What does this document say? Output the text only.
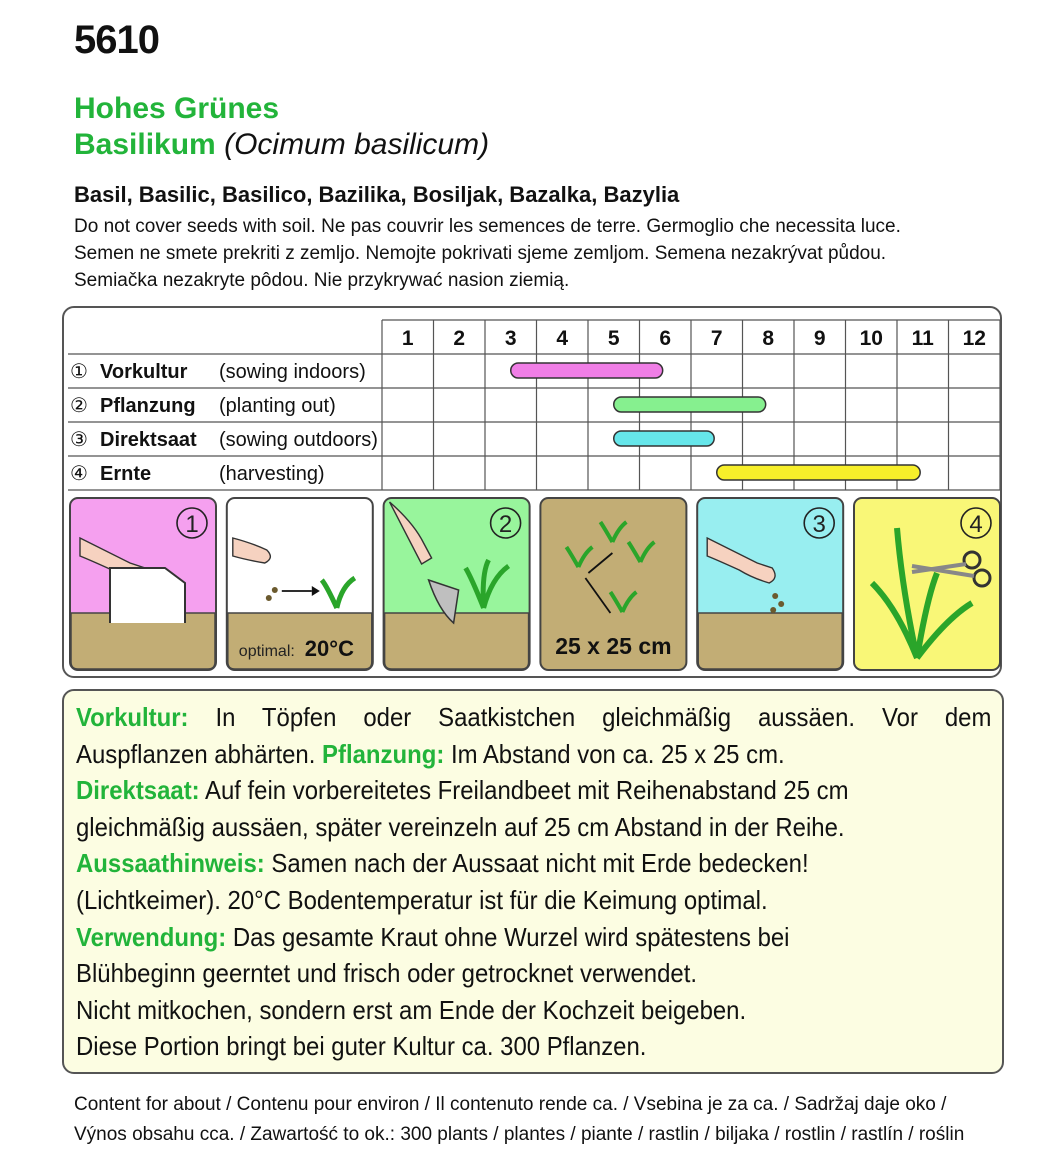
5610
Hohes Grünes
Basilikum (Ocimum basilicum)
Basil, Basilic, Basilico, Bazilika, Bosiljak, Bazalka, Bazylia
Do not cover seeds with soil. Ne pas couvrir les semences de terre. Germoglio che necessita luce.
Semen ne smete prekriti z zemljo. Nemojte pokrivati sjeme zemljom. Semena nezakrývat půdou.
Semiačka nezakryte pôdou. Nie przykrywać nasion ziemią.
1 2 3 4 5 6 7 8 9 10 11 12
① Vorkultur (sowing indoors)
② Pflanzung (planting out)
③ Direktsaat (sowing outdoors)
④ Ernte	(harvesting)
1
optimal: 20°C
2
25 x 25 cm
3	4
Vorkultur: In Töpfen oder Saatkistchen gleichmäßig aussäen. Vor dem
Auspflanzen abhärten. Pflanzung: Im Abstand von ca. 25 x 25 cm.
Direktsaat: Auf fein vorbereitetes Freilandbeet mit Reihenabstand 25 cm
gleichmäßig aussäen, später vereinzeln auf 25 cm Abstand in der Reihe.
Aussaathinweis: Samen nach der Aussaat nicht mit Erde bedecken!
(Lichtkeimer). 20°C Bodentemperatur ist für die Keimung optimal.
Verwendung: Das gesamte Kraut ohne Wurzel wird spätestens bei
Blühbeginn geerntet und frisch oder getrocknet verwendet.
Nicht mitkochen, sondern erst am Ende der Kochzeit beigeben.
Diese Portion bringt bei guter Kultur ca. 300 Pflanzen.
Content for about / Contenu pour environ / Il contenuto rende ca. / Vsebina je za ca. / Sadržaj daje oko /
Výnos obsahu cca. / Zawartość to ok.: 300 plants / plantes / piante / rastlin / biljaka / rostlin / rastlín / roślin
